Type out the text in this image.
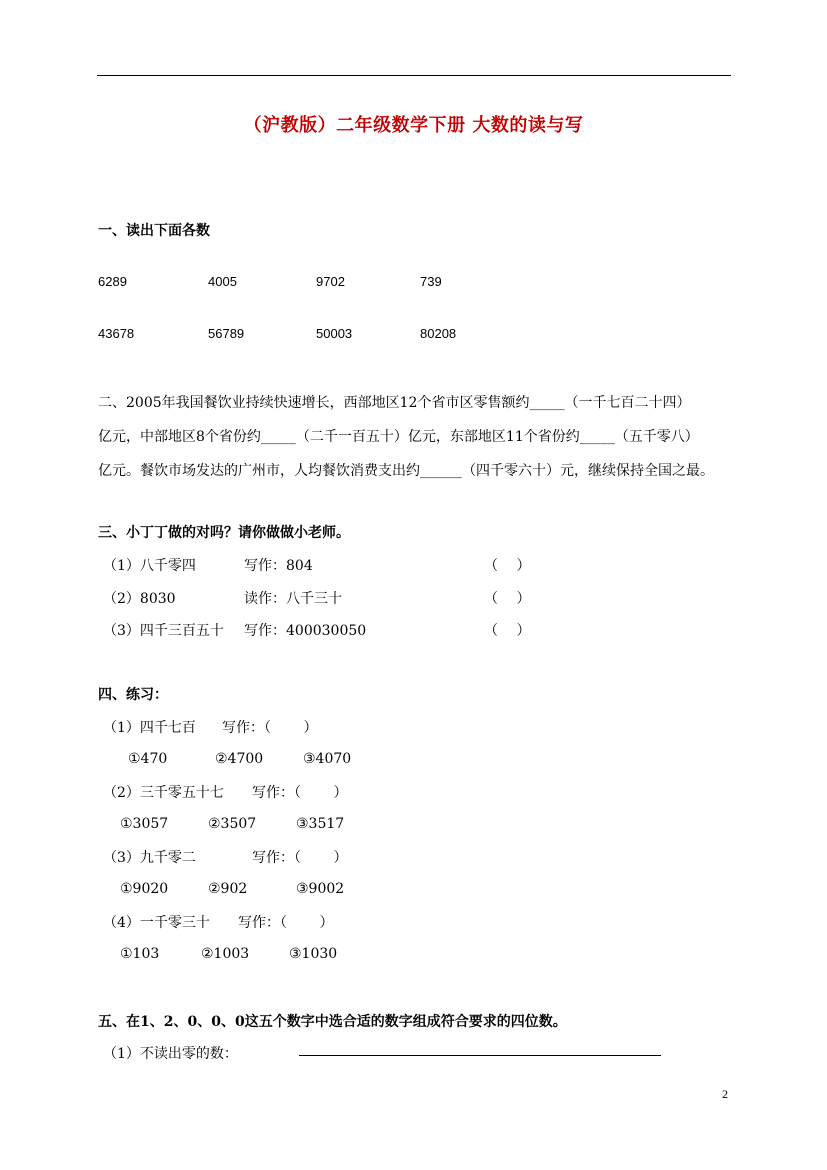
（沪教版）二年级数学下册 大数的读与写
一、读出下面各数
6289	4005	9702	739
43678	56789	50003	80208
二、2005年我国餐饮业持续快速增长，西部地区12个省市区零售额约_____（一千七百二十四）
亿元，中部地区8个省份约_____（二千一百五十）亿元，东部地区11个省份约_____（五千零八）
亿元。餐饮市场发达的广州市，人均餐饮消费支出约______（四千零六十）元，继续保持全国之最。
三、小丁丁做的对吗？请你做做小老师。
（1）八千零四	写作：804	（　 ）
（2）8030	读作：八千三十	（　 ）
（3）四千三百五十 写作：400030050	（　 ）
四、练习：
（1）四千七百 写作：（　　 ）
①470	②4700	③4070
（2）三千零五十七 写作：（　　 ）
①3057	②3507	③3517
（3）九千零二	写作：（　　 ）
①9020	②902	③9002
（4）一千零三十 写作：（　　 ）
①103	②1003	③1030
五、在1、2、0、0、0这五个数字中选合适的数字组成符合要求的四位数。
（1）不读出零的数：
2
